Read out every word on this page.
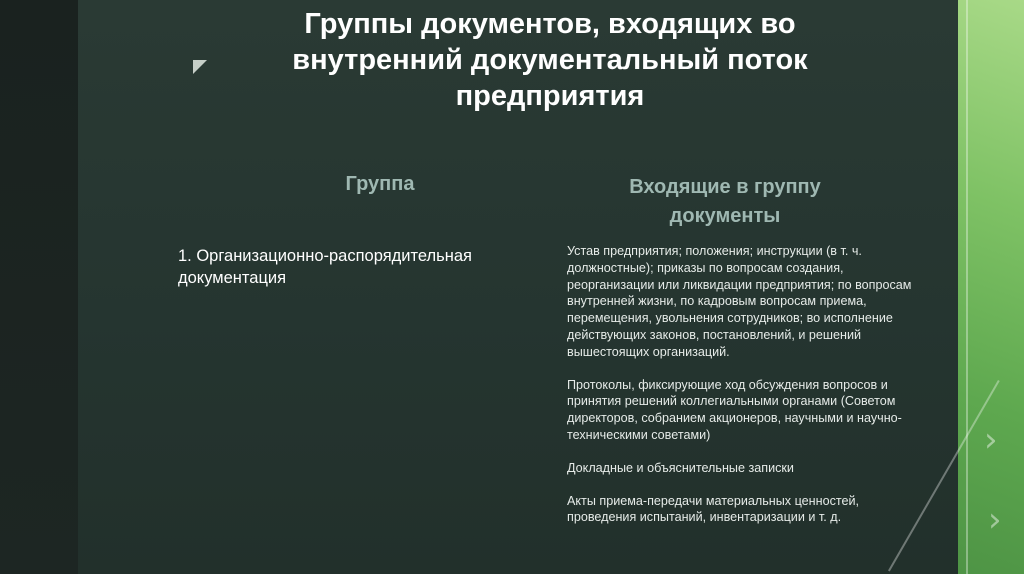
›
›
Группы документов, входящих во внутренний документальный поток предприятия
Группа	Входящие в группу документы

1. Организационно-распорядительная документация

Устав предприятия; положения; инструкции (в т. ч. должностные); приказы по вопросам создания, реорганизации или ликвидации предприятия; по вопросам внутренней жизни, по кадровым вопросам приема, перемещения, увольнения сотрудников; во исполнение действующих законов, постановлений, и решений вышестоящих организаций.

Протоколы, фиксирующие ход обсуждения вопросов и принятия решений коллегиальными органами (Советом директоров, собранием акционеров, научными и научно-техническими советами)

Докладные и объяснительные записки

Акты приема-передачи материальных ценностей, проведения испытаний, инвентаризации и т. д.
